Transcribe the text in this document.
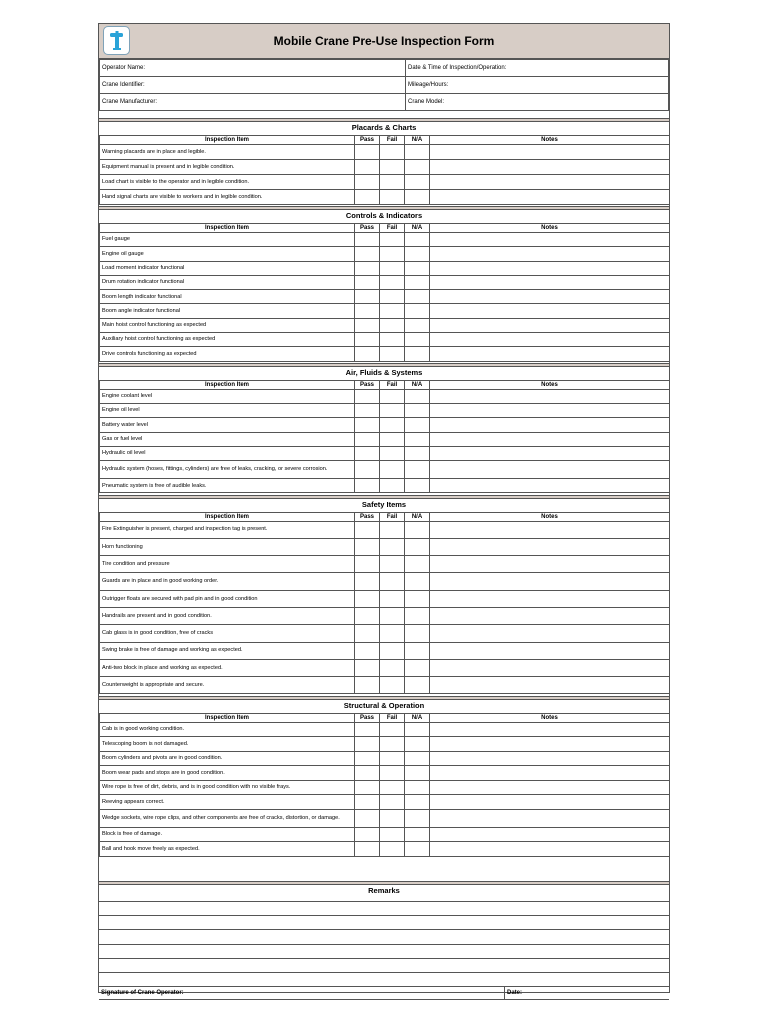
Mobile Crane Pre-Use Inspection Form
Operator Name:	Date & Time of Inspection/Operation:
Crane Identifier:	Mileage/Hours:
Crane Manufacturer:	Crane Model:
Placards & Charts
Inspection Item	Pass	Fail	N/A	Notes
Warning placards are in place and legible.				
Equipment manual is present and in legible condition.				
Load chart is visible to the operator and in legible condition.				
Hand signal charts are visible to workers and in legible condition.				
Controls & Indicators
Inspection Item	Pass	Fail	N/A	Notes
Fuel gauge				
Engine oil gauge				
Load moment indicator functional				
Drum rotation indicator functional				
Boom length indicator functional				
Boom angle indicator functional				
Main hoist control functioning as expected				
Auxiliary hoist control functioning as expected				
Drive controls functioning as expected				
Air, Fluids & Systems
Inspection Item	Pass	Fail	N/A	Notes
Engine coolant level				
Engine oil level				
Battery water level				
Gas or fuel level				
Hydraulic oil level				
Hydraulic system (hoses, fittings, cylinders) are free of leaks, cracking, or severe corrosion.				
Pneumatic system is free of audible leaks.				
Safety Items
Inspection Item	Pass	Fail	N/A	Notes
Fire Extinguisher is present, charged and inspection tag is present.				
Horn functioning				
Tire condition and pressure				
Guards are in place and in good working order.				
Outrigger floats are secured with pad pin and in good condition				
Handrails are present and in good condition.				
Cab glass is in good condition, free of cracks				
Swing brake is free of damage and working as expected.				
Anti-two block in place and working as expected.				
Counterweight is appropriate and secure.				
Structural & Operation
Inspection Item	Pass	Fail	N/A	Notes
Cab is in good working condition.				
Telescoping boom is not damaged.				
Boom cylinders and pivots are in good condition.				
Boom wear pads and stops are in good condition.				
Wire rope is free of dirt, debris, and is in good condition with no visible frays.				
Reeving appears correct.				
Wedge sockets, wire rope clips, and other components are free of cracks, distortion, or damage.				
Block is free of damage.				
Ball and hook move freely as expected.				
Remarks
Signature of Crane Operator:	Date:
